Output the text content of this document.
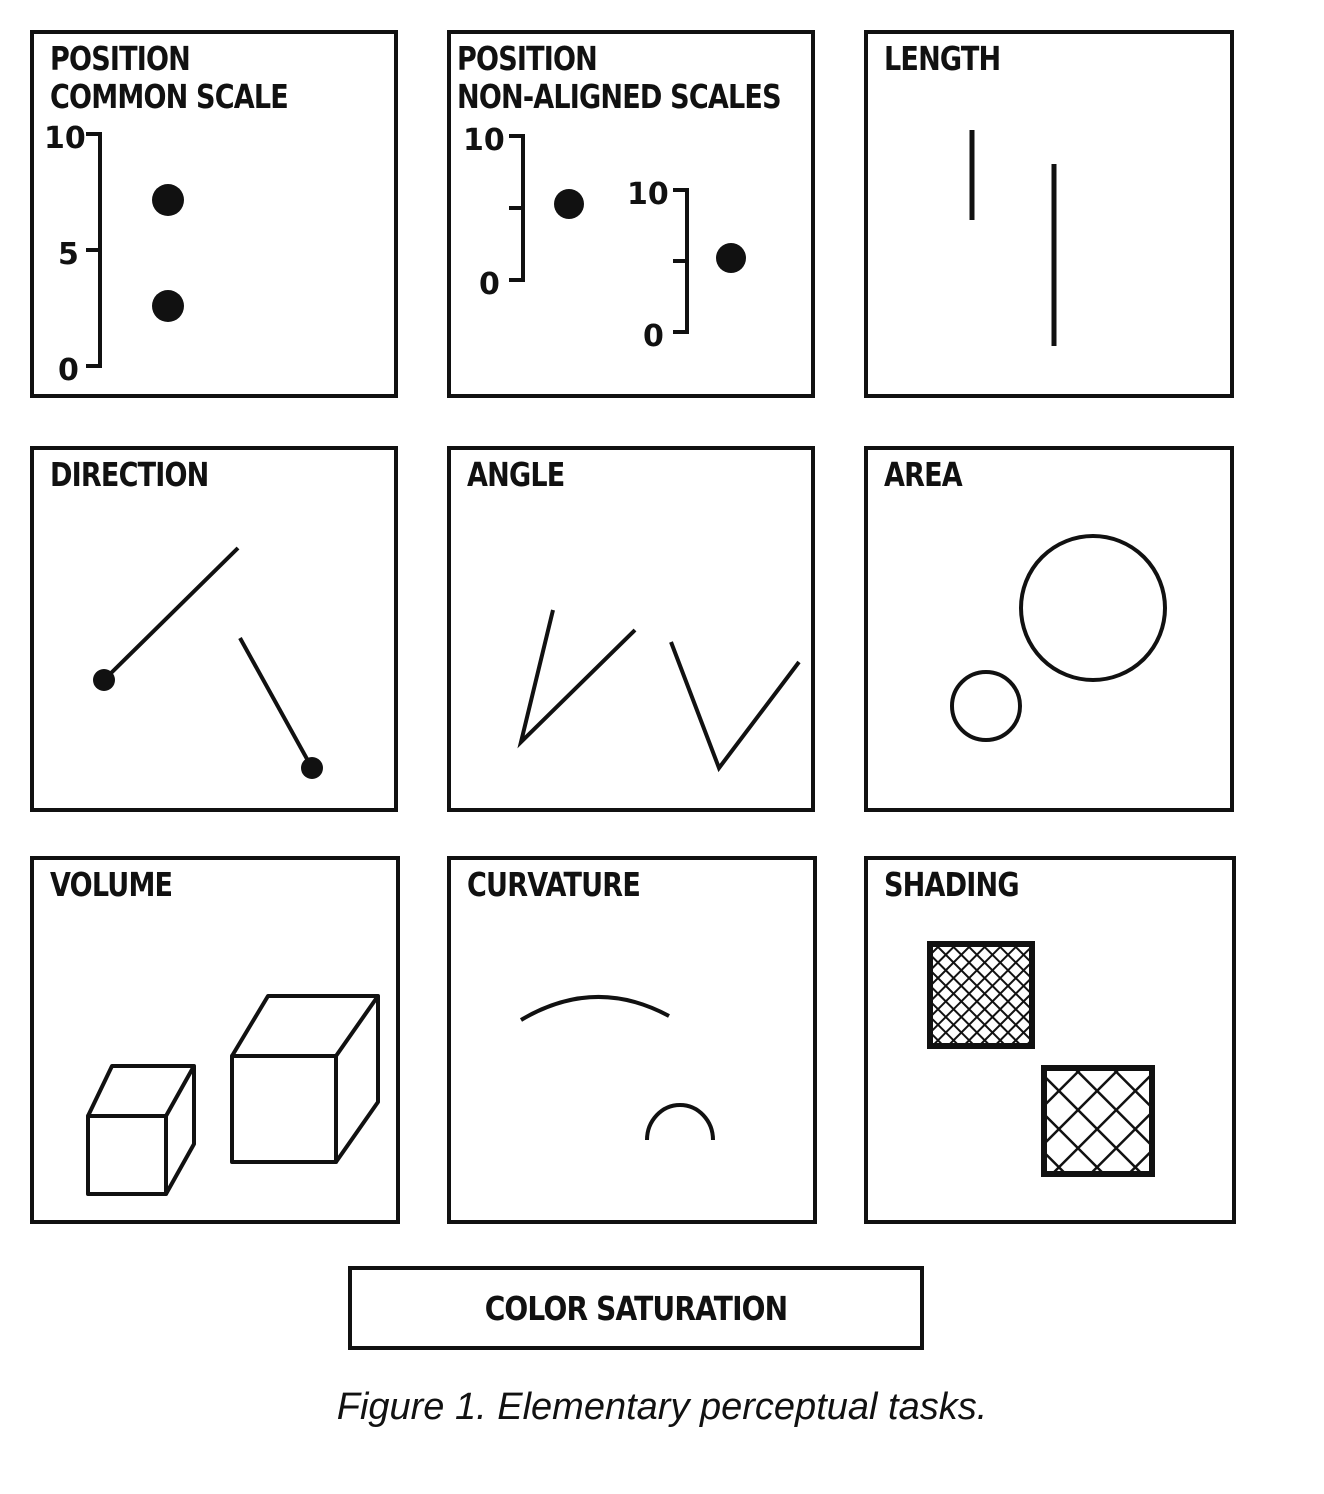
POSITION
COMMON SCALE
10
5
0
POSITION
NON-ALIGNED SCALES
10
0
10
0
LENGTH
DIRECTION	ANGLE	AREA
VOLUME	CURVATURE	SHADING
COLOR SATURATION
Figure 1. Elementary perceptual tasks.
